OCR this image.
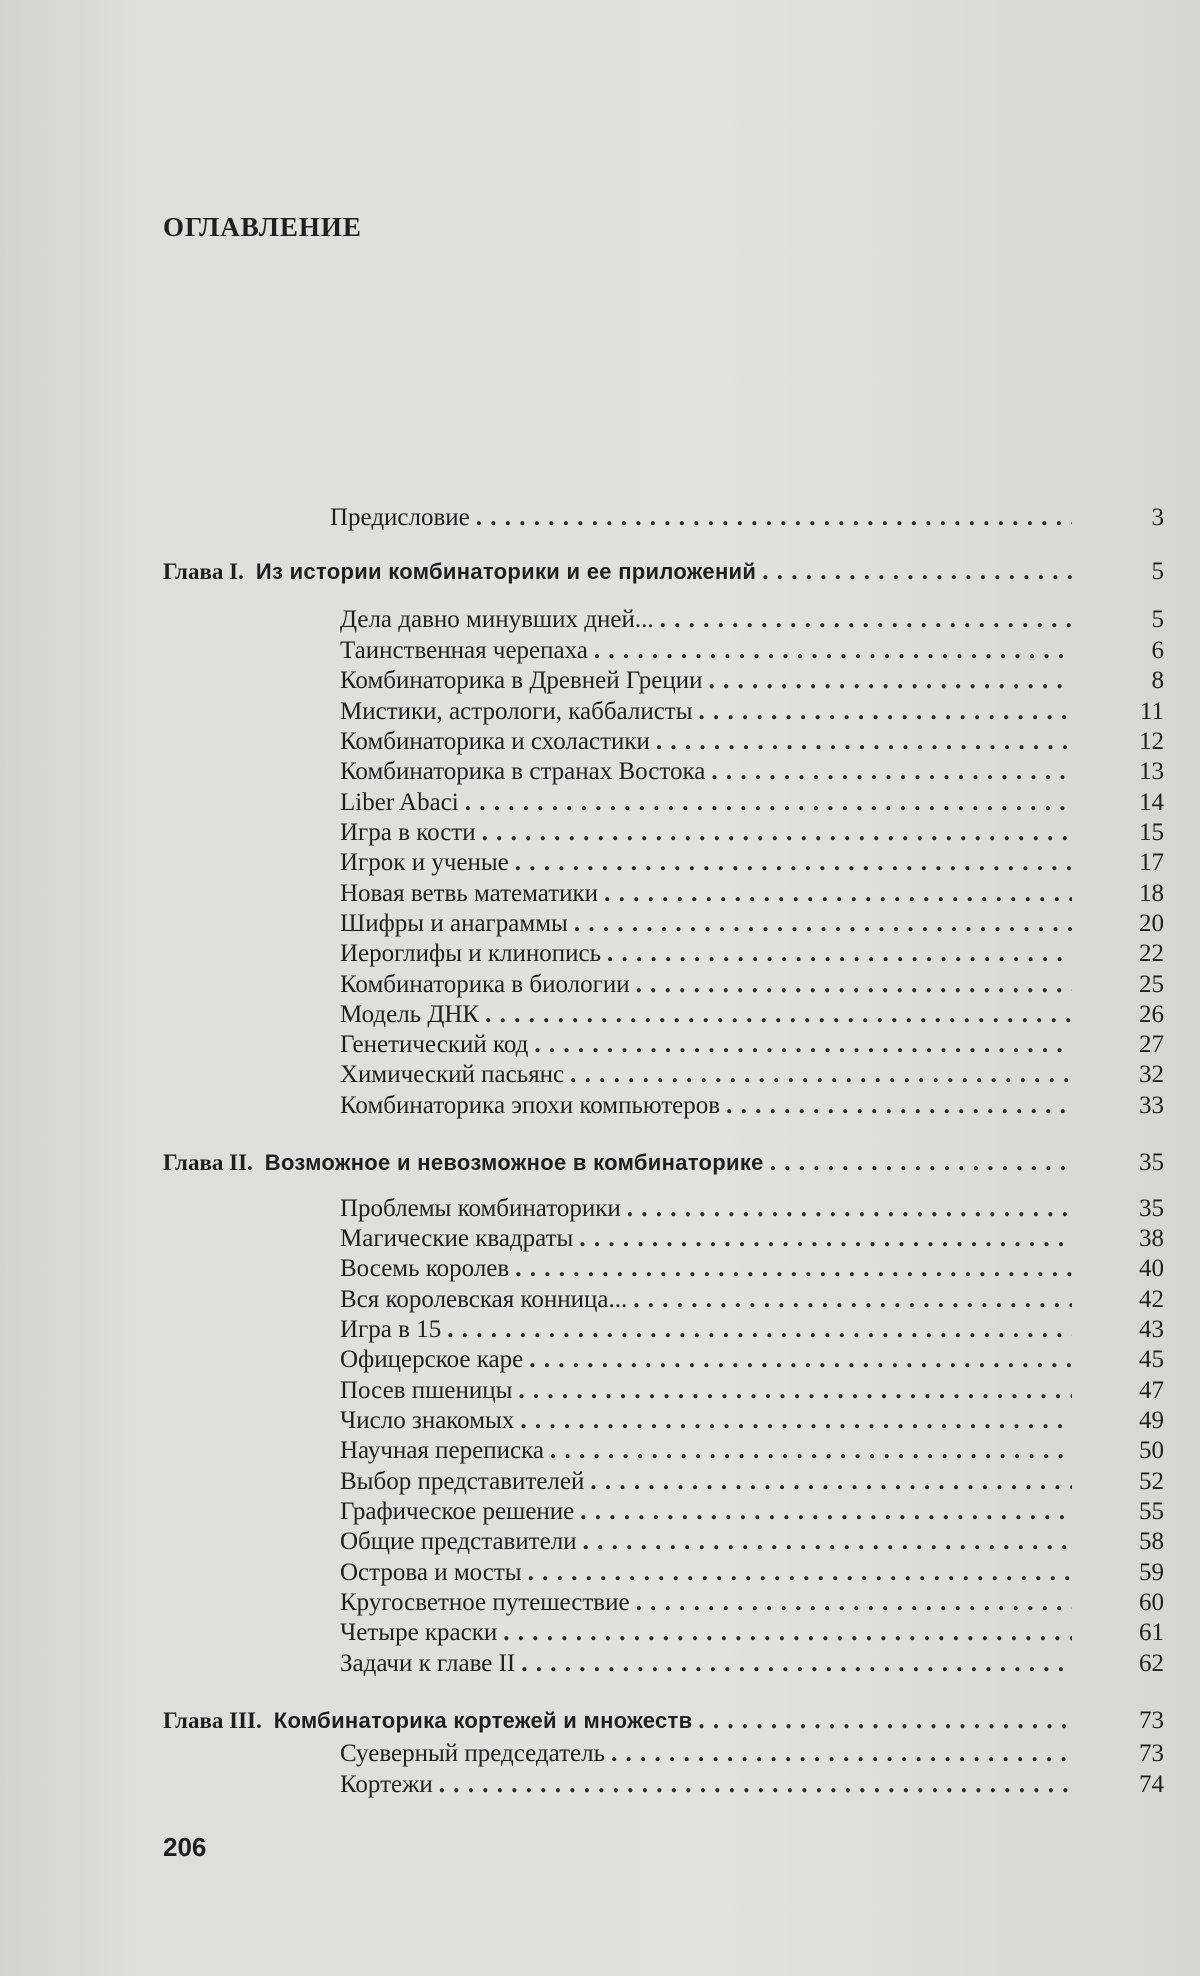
ОГЛАВЛЕНИЕ
Предисловие . . .	3
Глава I. Из истории комбинаторики и ее приложений . . .	5
Дела давно минувших дней... . . .	5
Таинственная черепаха . . .	6
Комбинаторика в Древней Греции . . .	8
Мистики, астрологи, каббалисты . . .	11
Комбинаторика и схоластики . . .	12
Комбинаторика в странах Востока . . .	13
Liber Abaci . . .	14
Игра в кости . . .	15
Игрок и ученые . . .	17
Новая ветвь математики . . .	18
Шифры и анаграммы . . .	20
Иероглифы и клинопись . . .	22
Комбинаторика в биологии . . .	25
Модель ДНК . . .	26
Генетический код . . .	27
Химический пасьянс . . .	32
Комбинаторика эпохи компьютеров . . .	33
Глава II. Возможное и невозможное в комбинаторике . . .	35
Проблемы комбинаторики . . .	35
Магические квадраты . . .	38
Восемь королев . . .	40
Вся королевская конница... . . .	42
Игра в 15 . . .	43
Офицерское каре . . .	45
Посев пшеницы . . .	47
Число знакомых . . .	49
Научная переписка . . .	50
Выбор представителей . . .	52
Графическое решение . . .	55
Общие представители . . .	58
Острова и мосты . . .	59
Кругосветное путешествие . . .	60
Четыре краски . . .	61
Задачи к главе II . . .	62
Глава III. Комбинаторика кортежей и множеств . . .	73
Суеверный председатель . . .	73
Кортежи . . .	74
206
